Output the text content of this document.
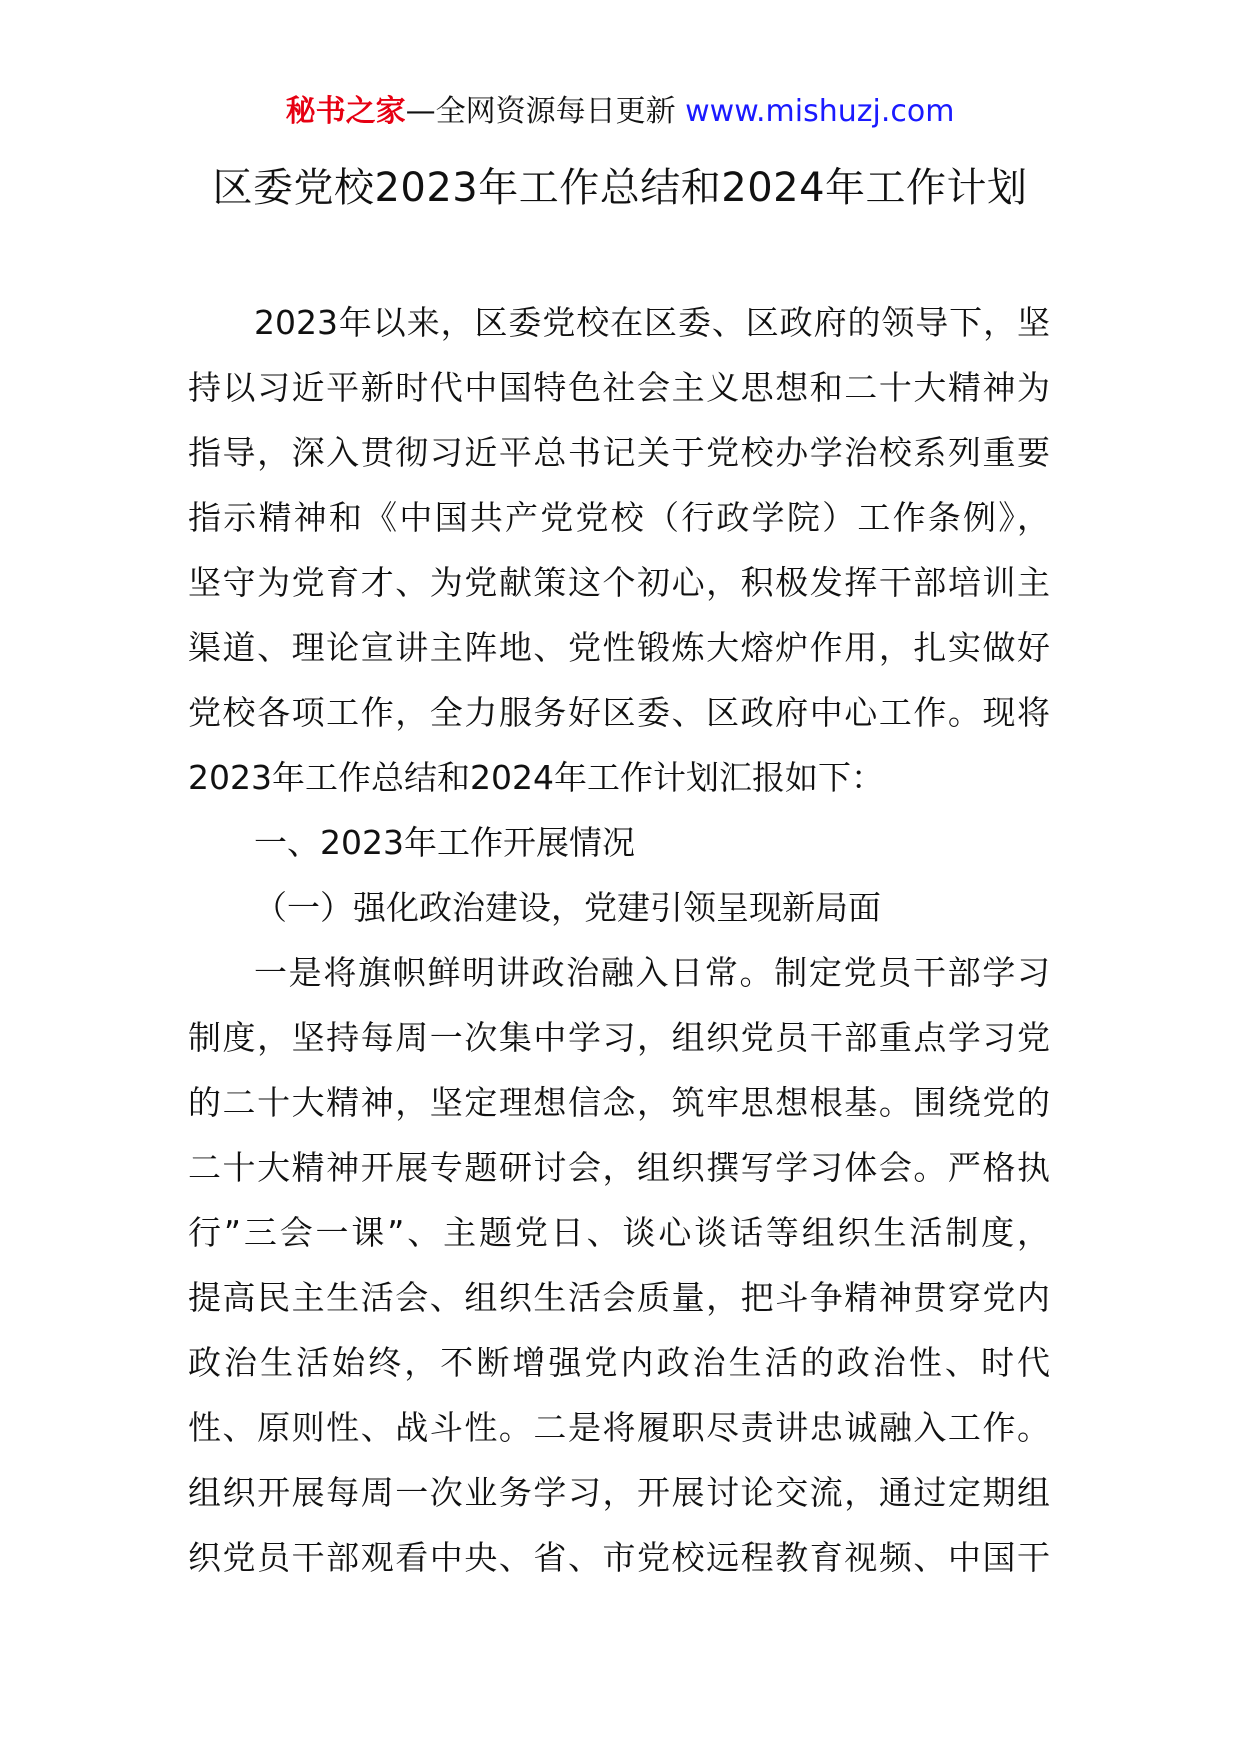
秘书之家—全网资源每日更新 www.mishuzj.com
区委党校2023年工作总结和2024年工作计划
2023年以来，区委党校在区委、区政府的领导下，坚
持以习近平新时代中国特色社会主义思想和二十大精神为
指导，深入贯彻习近平总书记关于党校办学治校系列重要
指示精神和《中国共产党党校（行政学院）工作条例》，
坚守为党育才、为党献策这个初心，积极发挥干部培训主
渠道、理论宣讲主阵地、党性锻炼大熔炉作用，扎实做好
党校各项工作，全力服务好区委、区政府中心工作。现将
2023年工作总结和2024年工作计划汇报如下：
一、2023年工作开展情况
（一）强化政治建设，党建引领呈现新局面
一是将旗帜鲜明讲政治融入日常。制定党员干部学习
制度，坚持每周一次集中学习，组织党员干部重点学习党
的二十大精神，坚定理想信念，筑牢思想根基。围绕党的
二十大精神开展专题研讨会，组织撰写学习体会。严格执
行”三会一课”、主题党日、谈心谈话等组织生活制度，
提高民主生活会、组织生活会质量，把斗争精神贯穿党内
政治生活始终，不断增强党内政治生活的政治性、时代
性、原则性、战斗性。二是将履职尽责讲忠诚融入工作。
组织开展每周一次业务学习，开展讨论交流，通过定期组
织党员干部观看中央、省、市党校远程教育视频、中国干
